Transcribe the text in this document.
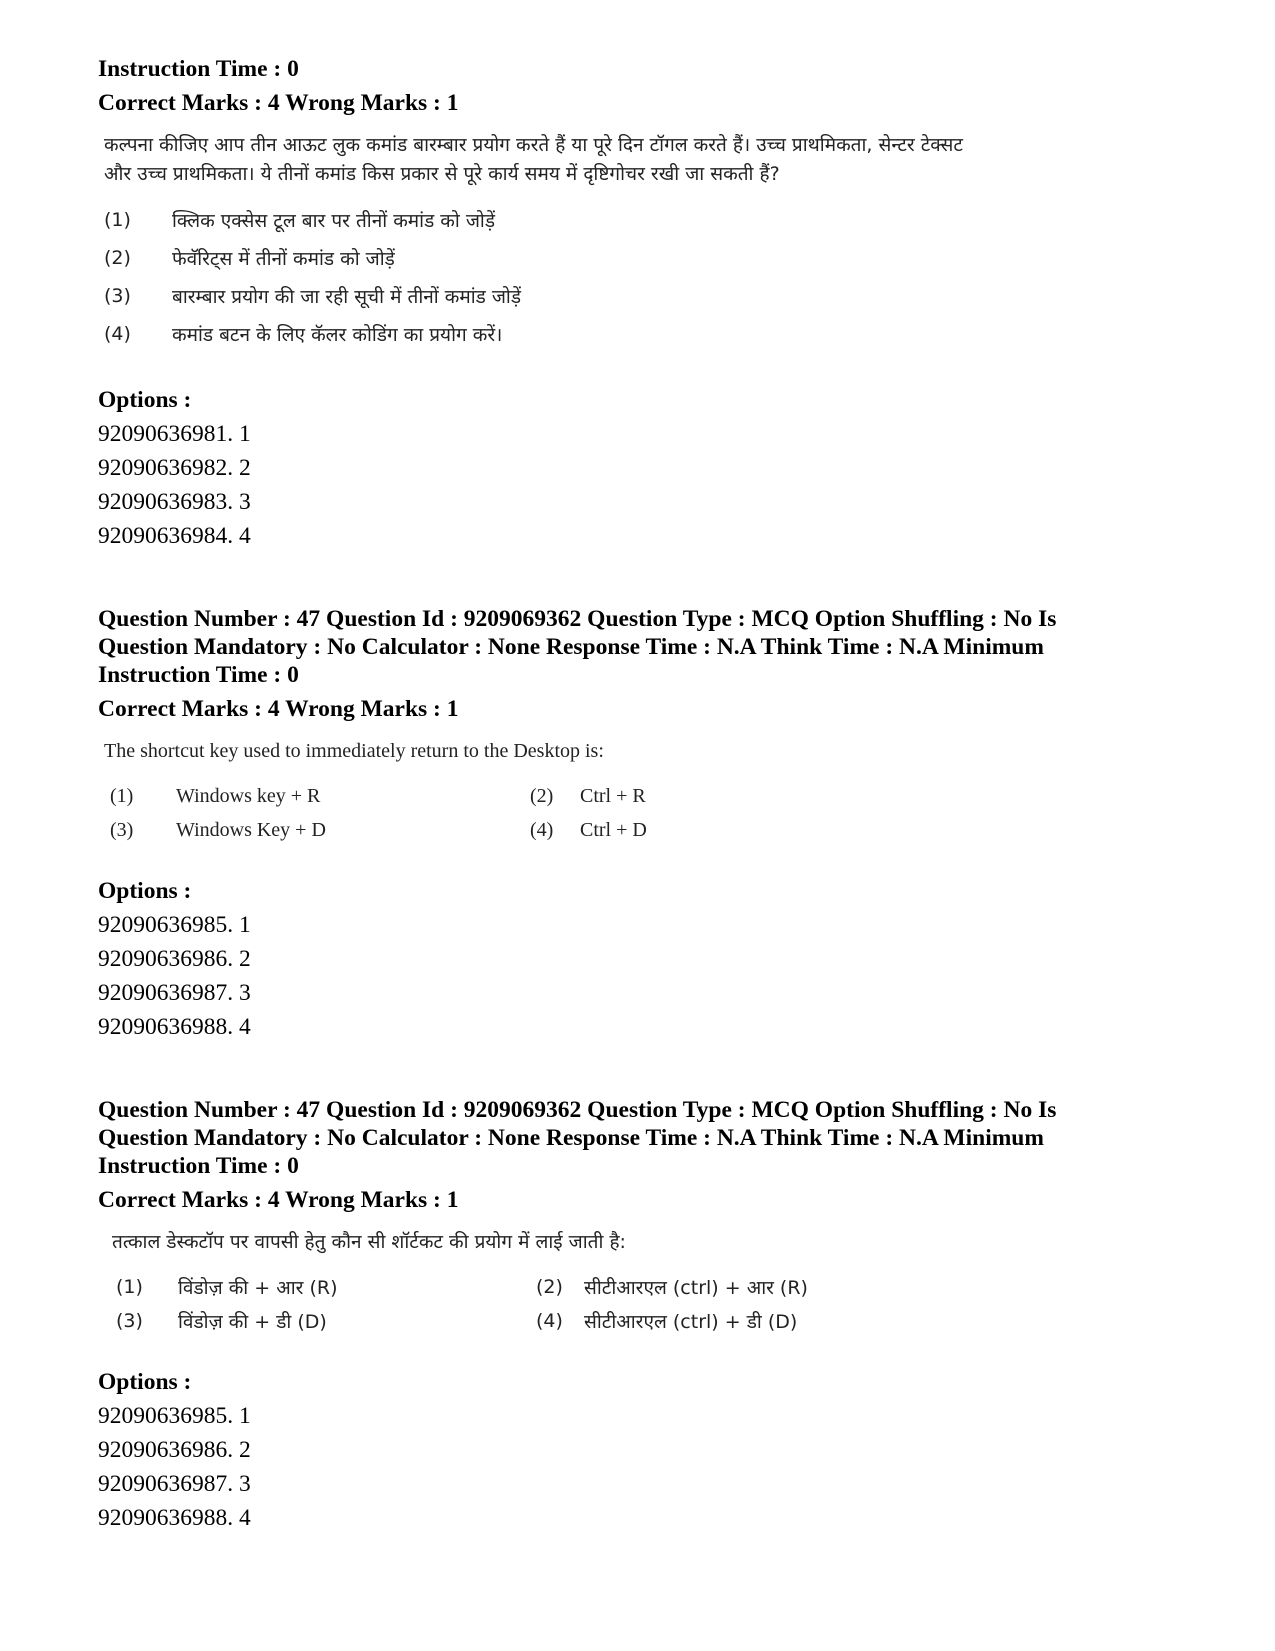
Instruction Time : 0
Correct Marks : 4 Wrong Marks : 1
कल्पना कीजिए आप तीन आऊट लुक कमांड बारम्बार प्रयोग करते हैं या पूरे दिन टॉगल करते हैं। उच्च प्राथमिकता, सेन्टर टेक्सट और उच्च प्राथमिकता। ये तीनों कमांड किस प्रकार से पूरे कार्य समय में दृष्टिगोचर रखी जा सकती हैं?
(1)	क्लिक एक्सेस टूल बार पर तीनों कमांड को जोड़ें
(2)	फेवॅरिट्स में तीनों कमांड को जोड़ें
(3)	बारम्बार प्रयोग की जा रही सूची में तीनों कमांड जोड़ें
(4)	कमांड बटन के लिए कॅलर कोडिंग का प्रयोग करें।
Options :
92090636981. 1
92090636982. 2
92090636983. 3
92090636984. 4
Question Number : 47 Question Id : 9209069362 Question Type : MCQ Option Shuffling : No Is
Question Mandatory : No Calculator : None Response Time : N.A Think Time : N.A Minimum
Instruction Time : 0
Correct Marks : 4 Wrong Marks : 1
The shortcut key used to immediately return to the Desktop is:
(1)	Windows key + R	(2)	Ctrl + R
(3)	Windows Key + D	(4)	Ctrl + D
Options :
92090636985. 1
92090636986. 2
92090636987. 3
92090636988. 4
Question Number : 47 Question Id : 9209069362 Question Type : MCQ Option Shuffling : No Is
Question Mandatory : No Calculator : None Response Time : N.A Think Time : N.A Minimum
Instruction Time : 0
Correct Marks : 4 Wrong Marks : 1
तत्काल डेस्कटॉप पर वापसी हेतु कौन सी शॉर्टकट की प्रयोग में लाई जाती है:
(1)	विंडोज़ की + आर (R)	(2)	सीटीआरएल (ctrl) + आर (R)
(3)	विंडोज़ की + डी (D)	(4)	सीटीआरएल (ctrl) + डी (D)
Options :
92090636985. 1
92090636986. 2
92090636987. 3
92090636988. 4
